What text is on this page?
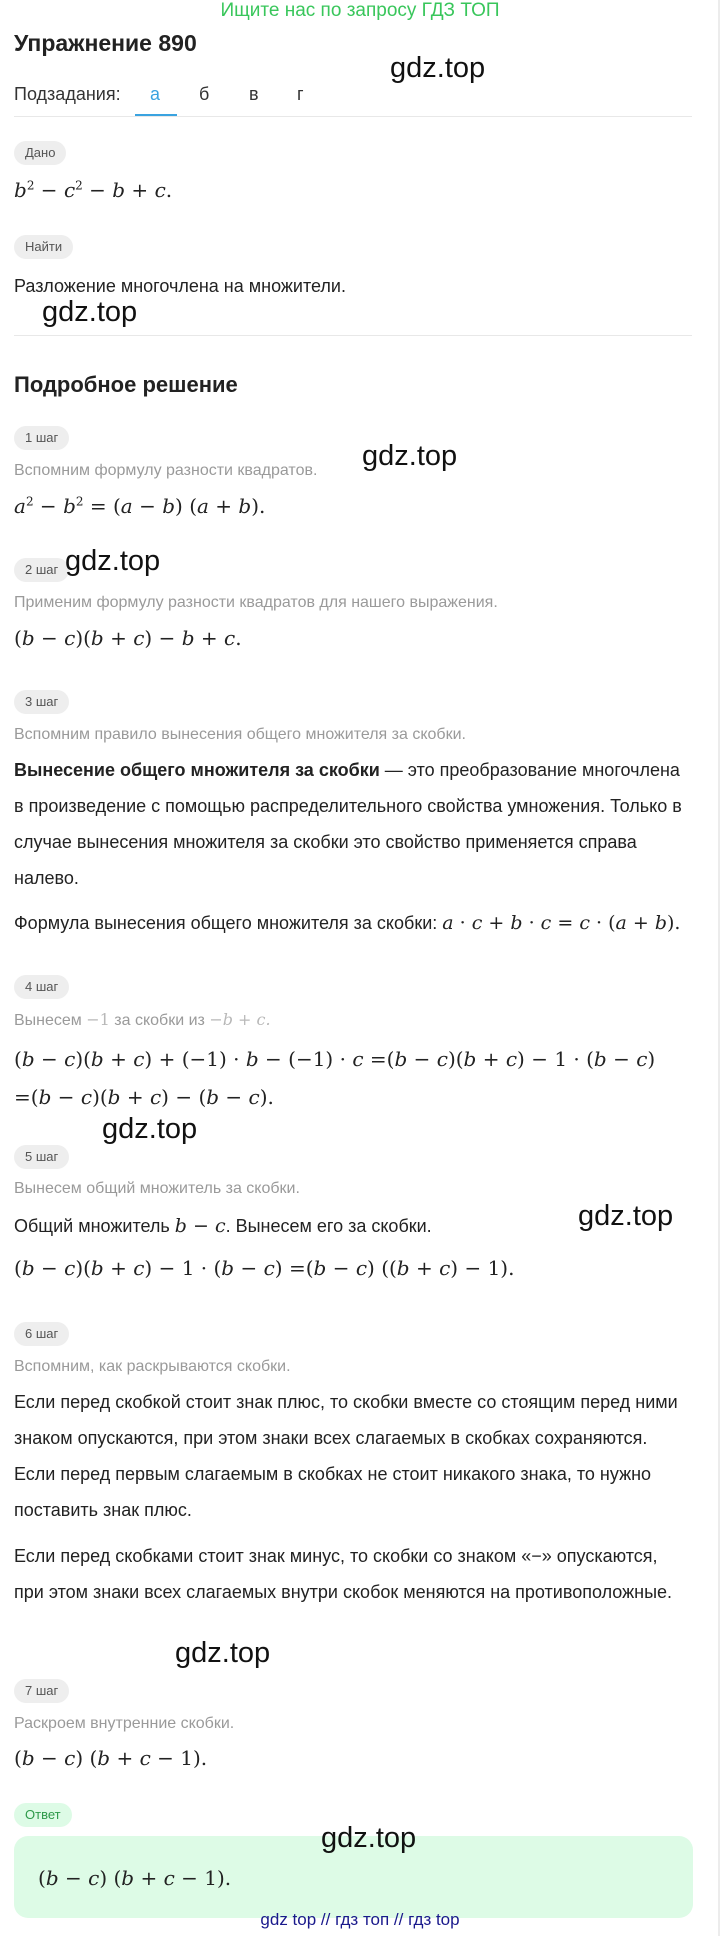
Ищите нас по запросу ГДЗ ТОП
Упражнение 890
Подзадания: а б в г
Дано
$b^2 - c^2 - b + c$.
Найти
Разложение многочлена на множители.
Подробное решение
1 шаг
Вспомним формулу разности квадратов.
$a^2 - b^2 = (a - b) (a + b)$.
2 шаг
Применим формулу разности квадратов для нашего выражения.
(b − c)(b + c) − b + c.
3 шаг
Вспомним правило вынесения общего множителя за скобки.
Вынесение общего множителя за скобки — это преобразование многочлена в произведение с помощью распределительного свойства умножения. Только в случае вынесения множителя за скобки это свойство применяется справа налево.
Формула вынесения общего множителя за скобки: a · c + b · c = c · (a + b).
4 шаг
Вынесем −1 за скобки из −b + c.
(b − c)(b + c) + (−1) · b − (−1) · c =(b − c)(b + c) − 1 · (b − c) =(b − c)(b + c) − (b − c).
5 шаг
Вынесем общий множитель за скобки.
Общий множитель b − c. Вынесем его за скобки.
(b − c)(b + c) − 1 · (b − c) =(b − c) ((b + c) − 1).
6 шаг
Вспомним, как раскрываются скобки.
Если перед скобкой стоит знак плюс, то скобки вместе со стоящим перед ними знаком опускаются, при этом знаки всех слагаемых в скобках сохраняются. Если перед первым слагаемым в скобках не стоит никакого знака, то нужно поставить знак плюс.
Если перед скобками стоит знак минус, то скобки со знаком «−» опускаются, при этом знаки всех слагаемых внутри скобок меняются на противоположные.
7 шаг
Раскроем внутренние скобки.
(b − c) (b + c − 1).
Ответ
(b − c) (b + c − 1).
gdz.top
gdz.top
gdz.top
gdz.top
gdz.top
gdz.top
gdz.top
gdz.top
gdz top // гдз топ // гдз top
